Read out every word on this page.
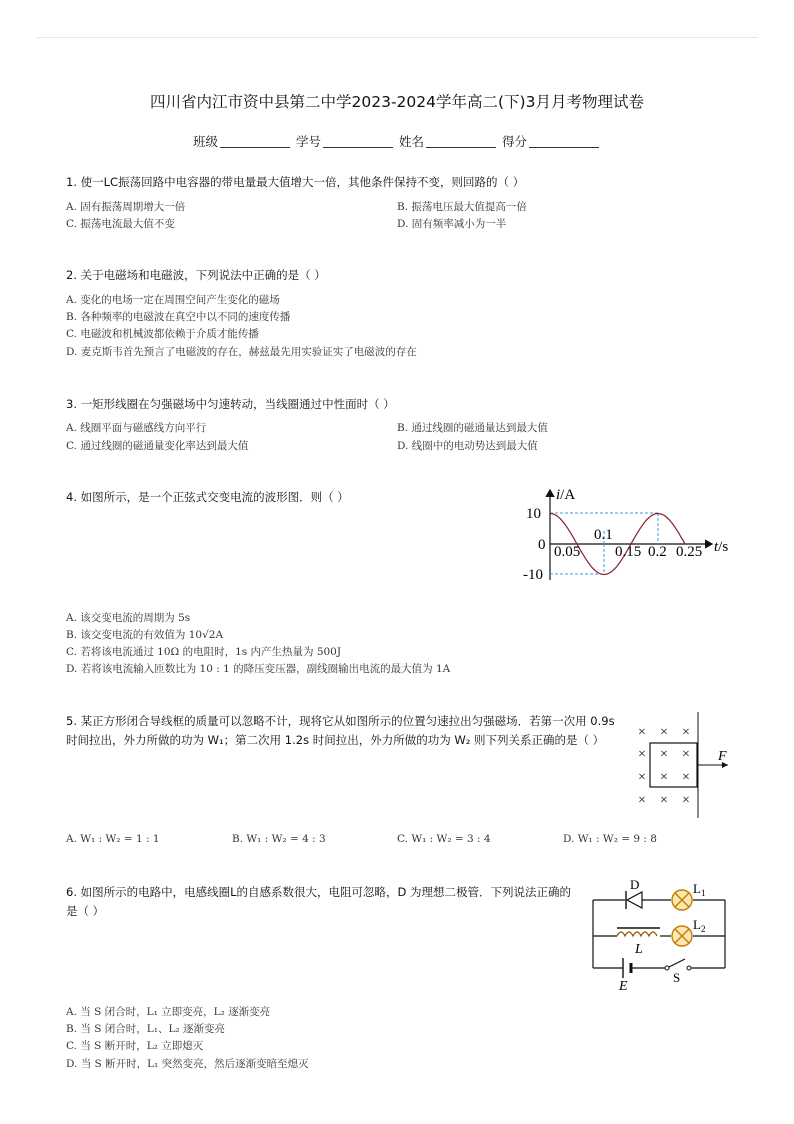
四川省内江市资中县第二中学2023-2024学年高二(下)3月月考物理试卷
班级	学号	姓名	得分
1. 使一LC振荡回路中电容器的带电量最大值增大一倍，其他条件保持不变，则回路的（ ）
A. 固有振荡周期增大一倍	B. 振荡电压最大值提高一倍
C. 振荡电流最大值不变	D. 固有频率减小为一半
2. 关于电磁场和电磁波，下列说法中正确的是（ ）
A. 变化的电场一定在周围空间产生变化的磁场
B. 各种频率的电磁波在真空中以不同的速度传播
C. 电磁波和机械波都依赖于介质才能传播
D. 麦克斯韦首先预言了电磁波的存在，赫兹最先用实验证实了电磁波的存在
3. 一矩形线圈在匀强磁场中匀速转动，当线圈通过中性面时（ ）
A. 线圈平面与磁感线方向平行	B. 通过线圈的磁通量达到最大值
C. 通过线圈的磁通量变化率达到最大值	D. 线圈中的电动势达到最大值
4. 如图所示，是一个正弦式交变电流的波形图．则（ ）	i/A
10
0
-10
0.05
0.1
0.15 0.2 0.25 t/s
A. 该交变电流的周期为 5s
B. 该交变电流的有效值为 10√2A
C. 若将该电流通过 10Ω 的电阻时，1s 内产生热量为 500J
D. 若将该电流输入匝数比为 10 : 1 的降压变压器，副线圈输出电流的最大值为 1A
5. 某正方形闭合导线框的质量可以忽略不计，现将它从如图所示的位置匀速拉出匀强磁场．若第一次用 0.9s 时间拉出，外力所做的功为 W₁；第二次用 1.2s 时间拉出，外力所做的功为 W₂ 则下列关系正确的是（ ）	× × ×
× × ×
× × ×
× × ×
F
A. W₁ : W₂ = 1 : 1	B. W₁ : W₂ = 4 : 3	C. W₁ : W₂ = 3 : 4	D. W₁ : W₂ = 9 : 8
6. 如图所示的电路中，电感线圈L的自感系数很大，电阻可忽略，D 为理想二极管．下列说法正确的是（ ）
D	$L_1$
L
$L_2$
E
S
A. 当 S 闭合时，L₁ 立即变亮，L₂ 逐渐变亮
B. 当 S 闭合时，L₁、L₂ 逐渐变亮
C. 当 S 断开时，L₂ 立即熄灭
D. 当 S 断开时，L₁ 突然变亮，然后逐渐变暗至熄灭
